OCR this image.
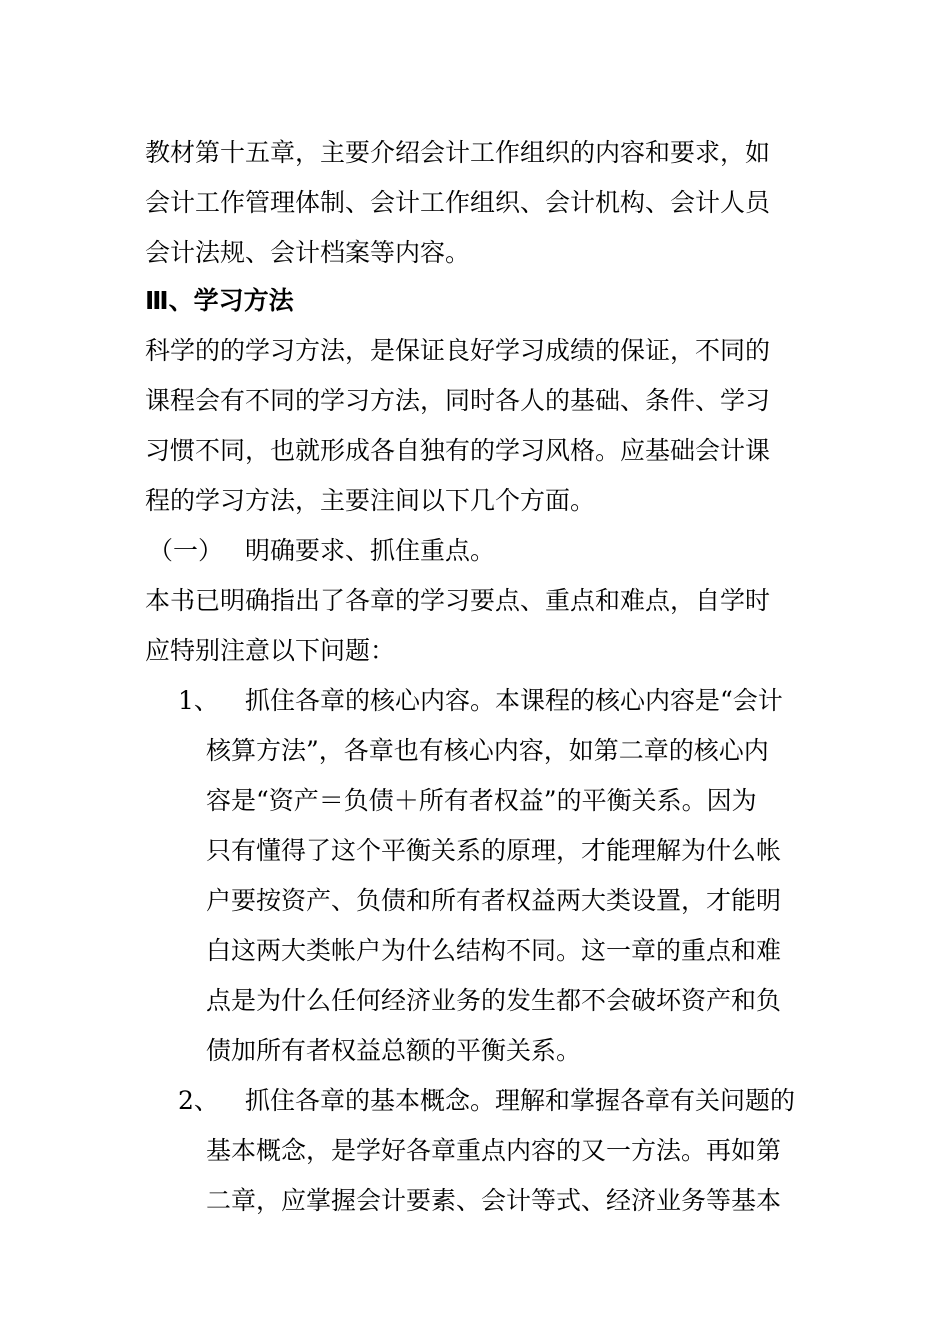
教材第十五章，主要介绍会计工作组织的内容和要求，如
会计工作管理体制、会计工作组织、会计机构、会计人员
会计法规、会计档案等内容。
Ⅲ、学习方法
科学的的学习方法，是保证良好学习成绩的保证，不同的
课程会有不同的学习方法，同时各人的基础、条件、学习
习惯不同，也就形成各自独有的学习风格。应基础会计课
程的学习方法，主要注间以下几个方面。
（一） 明确要求、抓住重点。
本书已明确指出了各章的学习要点、重点和难点，自学时
应特别注意以下问题：
1、 抓住各章的核心内容。本课程的核心内容是“会计
核算方法”，各章也有核心内容，如第二章的核心内
容是“资产＝负债＋所有者权益”的平衡关系。因为
只有懂得了这个平衡关系的原理，才能理解为什么帐
户要按资产、负债和所有者权益两大类设置，才能明
白这两大类帐户为什么结构不同。这一章的重点和难
点是为什么任何经济业务的发生都不会破坏资产和负
债加所有者权益总额的平衡关系。
2、 抓住各章的基本概念。理解和掌握各章有关问题的
基本概念，是学好各章重点内容的又一方法。再如第
二章，应掌握会计要素、会计等式、经济业务等基本
